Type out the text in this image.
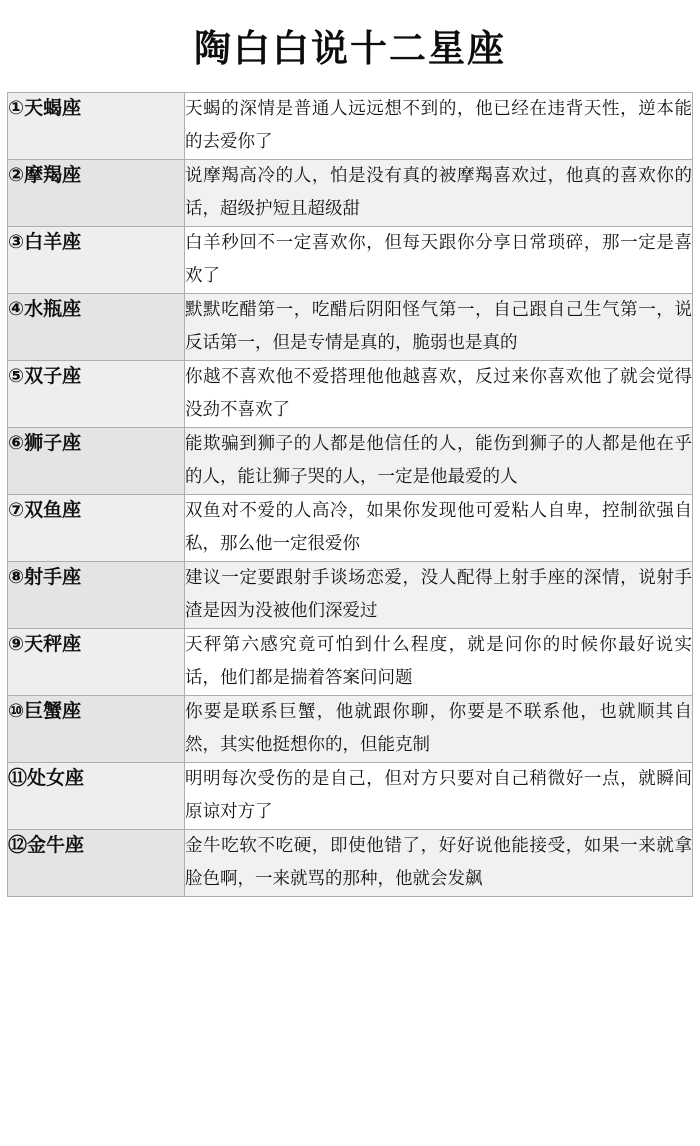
陶白白说十二星座
①天蝎座	天蝎的深情是普通人远远想不到的，他已经在违背天性，逆本能的去爱你了
②摩羯座	说摩羯高冷的人，怕是没有真的被摩羯喜欢过，他真的喜欢你的话，超级护短且超级甜
③白羊座	白羊秒回不一定喜欢你，但每天跟你分享日常琐碎，那一定是喜欢了
④水瓶座	默默吃醋第一，吃醋后阴阳怪气第一，自己跟自己生气第一，说反话第一，但是专情是真的，脆弱也是真的
⑤双子座	你越不喜欢他不爱搭理他他越喜欢，反过来你喜欢他了就会觉得没劲不喜欢了
⑥狮子座	能欺骗到狮子的人都是他信任的人，能伤到狮子的人都是他在乎的人，能让狮子哭的人，一定是他最爱的人
⑦双鱼座	双鱼对不爱的人高冷，如果你发现他可爱粘人自卑，控制欲强自私，那么他一定很爱你
⑧射手座	建议一定要跟射手谈场恋爱，没人配得上射手座的深情，说射手渣是因为没被他们深爱过
⑨天秤座	天秤第六感究竟可怕到什么程度，就是问你的时候你最好说实话，他们都是揣着答案问问题
⑩巨蟹座	你要是联系巨蟹，他就跟你聊，你要是不联系他，也就顺其自然，其实他挺想你的，但能克制
⑪处女座	明明每次受伤的是自己，但对方只要对自己稍微好一点，就瞬间原谅对方了
⑫金牛座	金牛吃软不吃硬，即使他错了，好好说他能接受，如果一来就拿脸色啊，一来就骂的那种，他就会发飙
